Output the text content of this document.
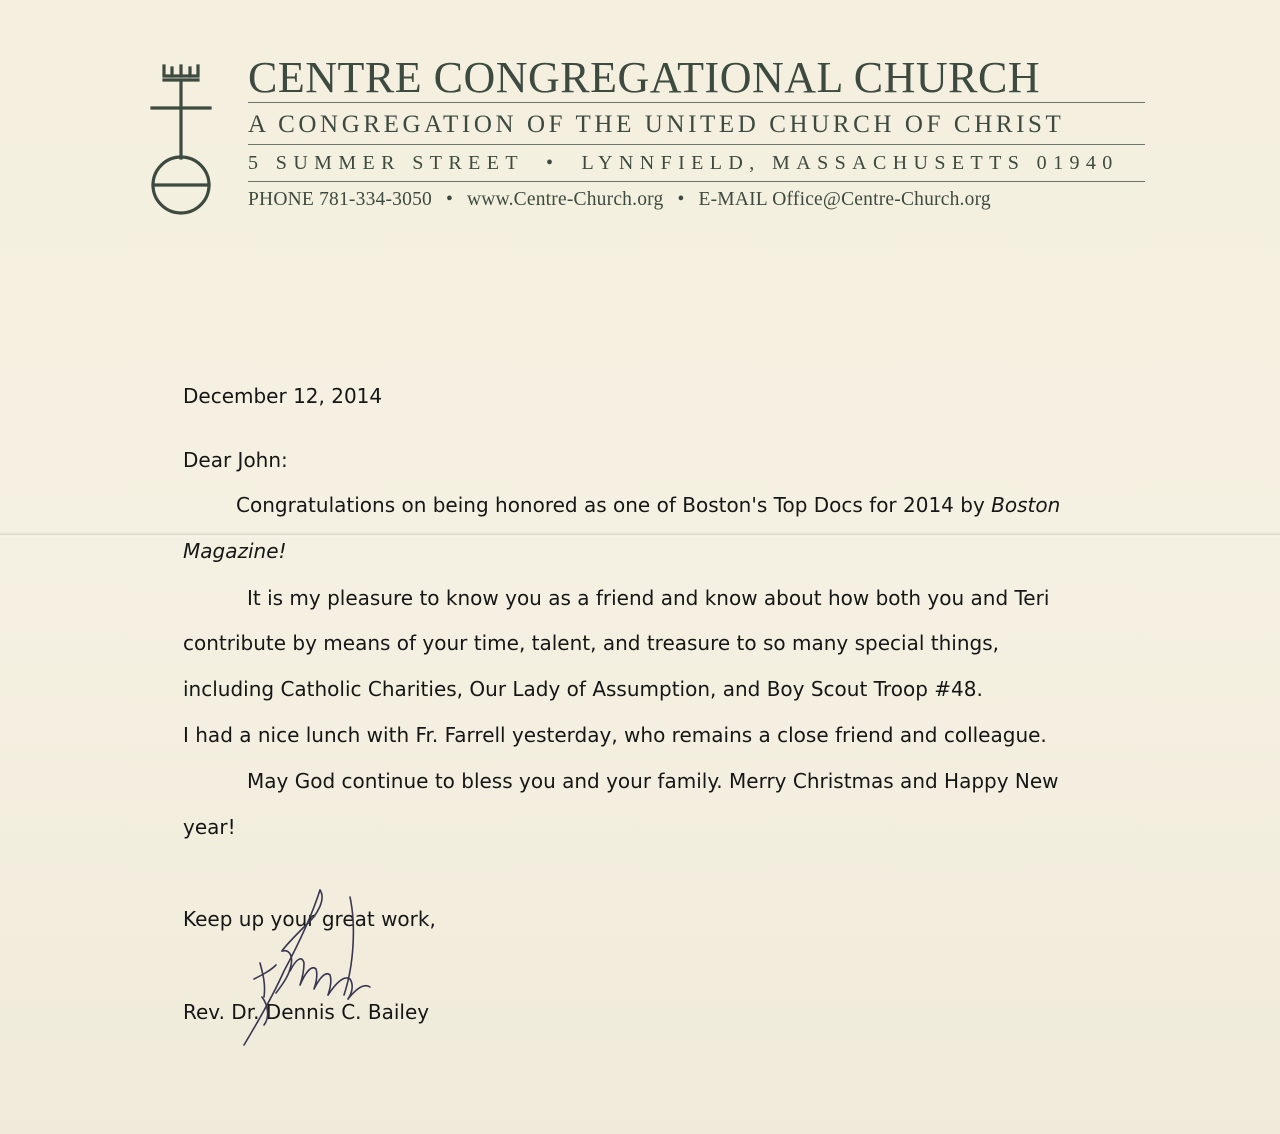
CENTRE CONGREGATIONAL CHURCH
A CONGREGATION OF THE UNITED CHURCH OF CHRIST
5 SUMMER STREET • LYNNFIELD, MASSACHUSETTS 01940
PHONE 781-334-3050 • www.Centre-Church.org • E-MAIL Office@Centre-Church.org
December 12, 2014
Dear John:
Congratulations on being honored as one of Boston's Top Docs for 2014 by Boston
Magazine!
It is my pleasure to know you as a friend and know about how both you and Teri
contribute by means of your time, talent, and treasure to so many special things,
including Catholic Charities, Our Lady of Assumption, and Boy Scout Troop #48.
I had a nice lunch with Fr. Farrell yesterday, who remains a close friend and colleague.
May God continue to bless you and your family. Merry Christmas and Happy New
year!
Keep up your great work,
Rev. Dr. Dennis C. Bailey
